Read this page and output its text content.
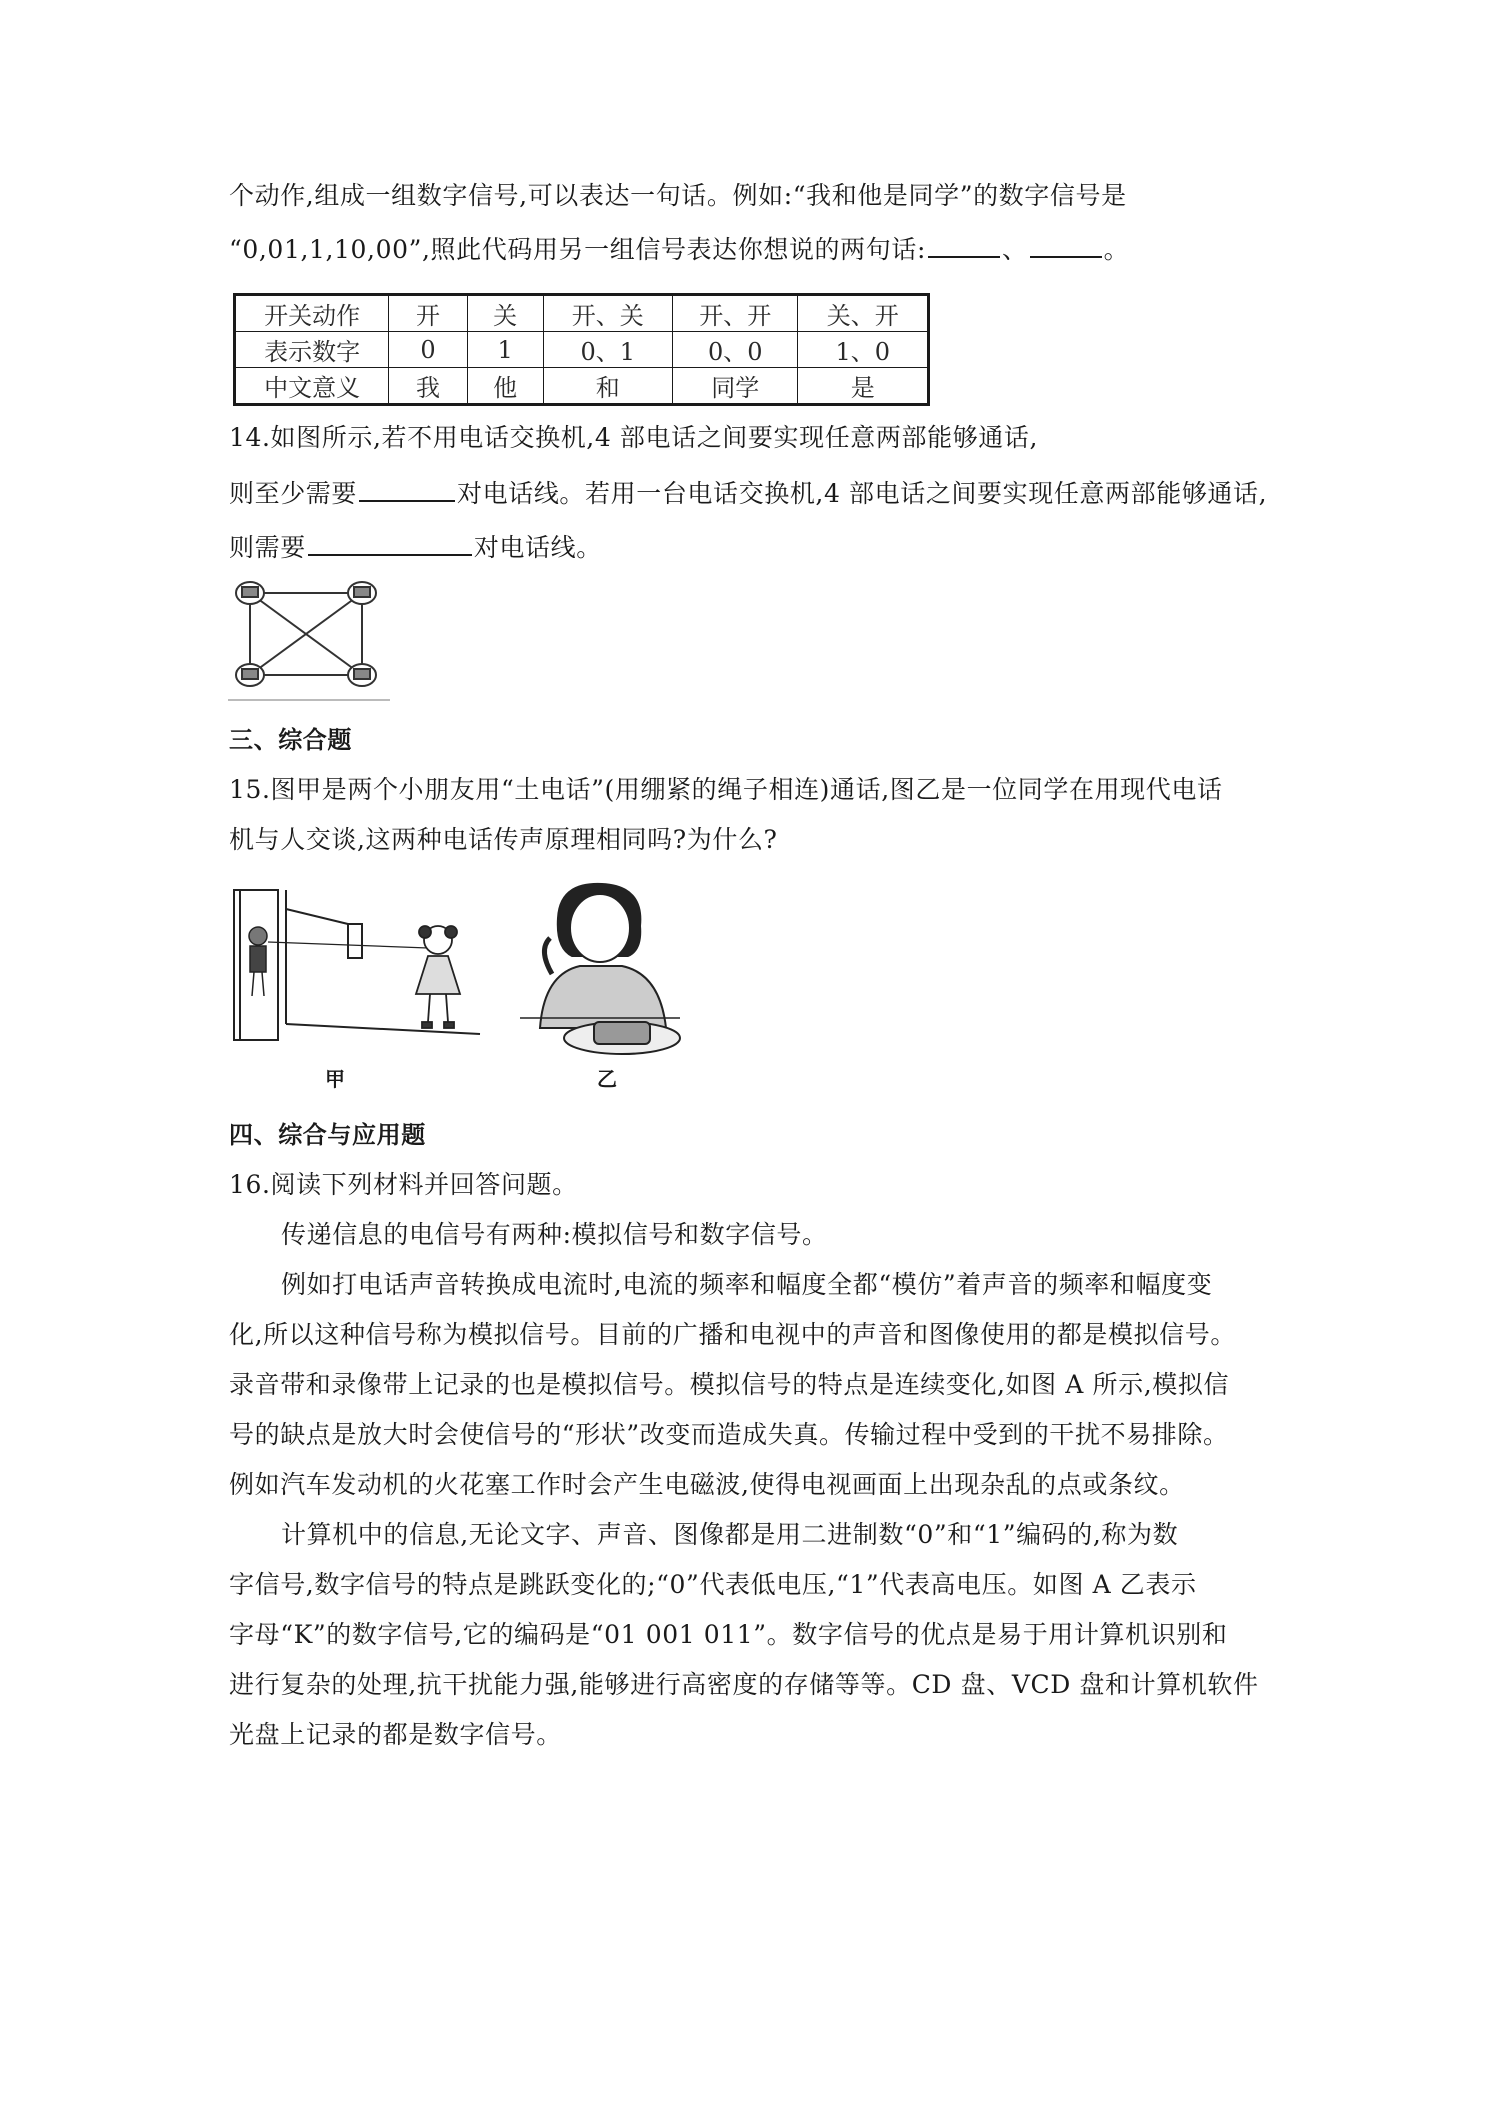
个动作,组成一组数字信号,可以表达一句话。例如:“我和他是同学”的数字信号是
“0,01,1,10,00”,照此代码用另一组信号表达你想说的两句话:	、	。
开关动作	开	关	开、关	开、开	关、开
表示数字	0	1	0、1	0、0	1、0
中文意义	我	他	和	同学	是
14.如图所示,若不用电话交换机,4 部电话之间要实现任意两部能够通话,
则至少需要	对电话线。若用一台电话交换机,4 部电话之间要实现任意两部能够通话,
则需要	对电话线。
三、综合题
15.图甲是两个小朋友用“土电话”(用绷紧的绳子相连)通话,图乙是一位同学在用现代电话
机与人交谈,这两种电话传声原理相同吗?为什么?
甲	乙
四、综合与应用题
16.阅读下列材料并回答问题。
传递信息的电信号有两种:模拟信号和数字信号。
例如打电话声音转换成电流时,电流的频率和幅度全都“模仿”着声音的频率和幅度变
化,所以这种信号称为模拟信号。目前的广播和电视中的声音和图像使用的都是模拟信号。
录音带和录像带上记录的也是模拟信号。模拟信号的特点是连续变化,如图 A 所示,模拟信
号的缺点是放大时会使信号的“形状”改变而造成失真。传输过程中受到的干扰不易排除。
例如汽车发动机的火花塞工作时会产生电磁波,使得电视画面上出现杂乱的点或条纹。
计算机中的信息,无论文字、声音、图像都是用二进制数“0”和“1”编码的,称为数
字信号,数字信号的特点是跳跃变化的;“0”代表低电压,“1”代表高电压。如图 A 乙表示
字母“K”的数字信号,它的编码是“01 001 011”。数字信号的优点是易于用计算机识别和
进行复杂的处理,抗干扰能力强,能够进行高密度的存储等等。CD 盘、VCD 盘和计算机软件
光盘上记录的都是数字信号。
